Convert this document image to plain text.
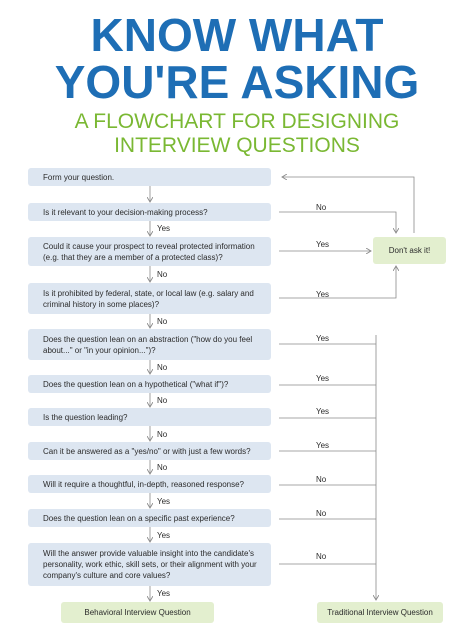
KNOW WHAT
YOU'RE ASKING
A FLOWCHART FOR DESIGNING
INTERVIEW QUESTIONS
Form your question.
Is it relevant to your decision-making process?
Could it cause your prospect to reveal protected information (e.g. that they are a member of a protected class)?
Is it prohibited by federal, state, or local law (e.g. salary and criminal history in some places)?
Does the question lean on an abstraction ("how do you feel about..." or "in your opinion...")?
Does the question lean on a hypothetical ("what if")?
Is the question leading?
Can it be answered as a "yes/no" or with just a few words?
Will it require a thoughtful, in-depth, reasoned response?
Does the question lean on a specific past experience?
Will the answer provide valuable insight into the candidate's personality, work ethic, skill sets, or their alignment with your company's culture and core values?
Don't ask it!
Behavioral Interview Question	Traditional Interview Question
Yes
No
No
No
No
No
No
Yes
Yes
Yes
No
Yes
Yes
Yes
Yes
Yes
Yes
No
No
No
